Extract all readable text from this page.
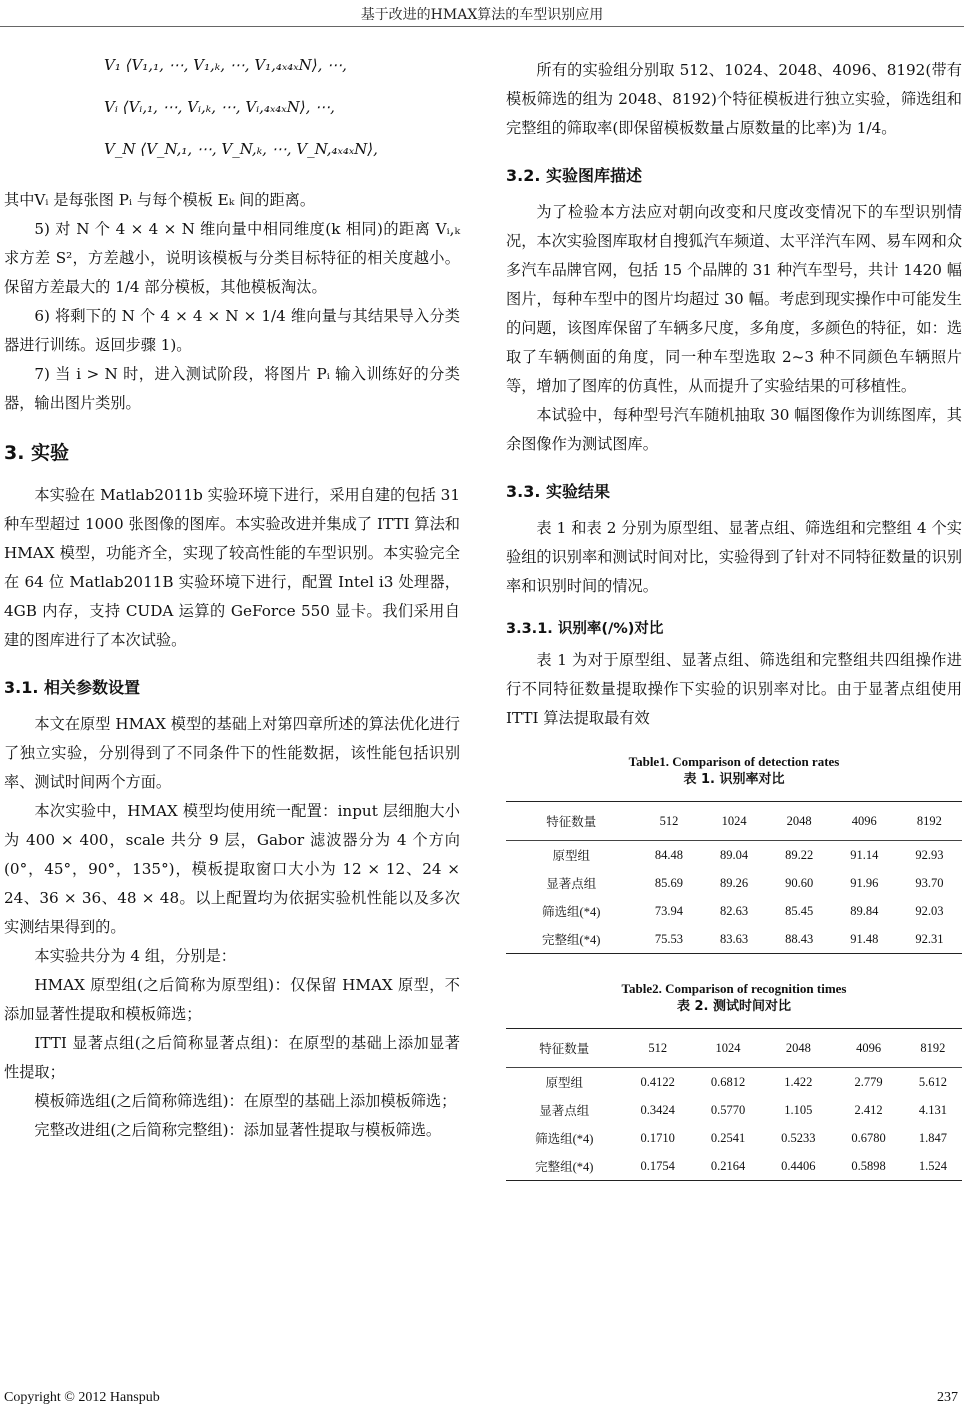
基于改进的HMAX算法的车型识别应用
V₁ ⟨V₁,₁, ⋯, V₁,ₖ, ⋯, V₁,₄ₓ₄ₓN⟩, ⋯,
Vᵢ ⟨Vᵢ,₁, ⋯, Vᵢ,ₖ, ⋯, Vᵢ,₄ₓ₄ₓN⟩, ⋯,
V_N ⟨V_N,₁, ⋯, V_N,ₖ, ⋯, V_N,₄ₓ₄ₓN⟩,

其中Vᵢ 是每张图 Pᵢ 与每个模板 Eₖ 间的距离。

5) 对 N 个 4 × 4 × N 维向量中相同维度(k 相同)的距离 Vᵢ,ₖ 求方差 S²，方差越小，说明该模板与分类目标特征的相关度越小。保留方差最大的 1/4 部分模板，其他模板淘汰。

6) 将剩下的 N 个 4 × 4 × N × 1/4 维向量与其结果导入分类器进行训练。返回步骤 1)。

7) 当 i > N 时，进入测试阶段，将图片 Pᵢ 输入训练好的分类器，输出图片类别。

3. 实验

本实验在 Matlab2011b 实验环境下进行，采用自建的包括 31 种车型超过 1000 张图像的图库。本实验改进并集成了 ITTI 算法和 HMAX 模型，功能齐全，实现了较高性能的车型识别。本实验完全在 64 位 Matlab2011B 实验环境下进行，配置 Intel i3 处理器，4GB 内存，支持 CUDA 运算的 GeForce 550 显卡。我们采用自建的图库进行了本次试验。

3.1. 相关参数设置

本文在原型 HMAX 模型的基础上对第四章所述的算法优化进行了独立实验，分别得到了不同条件下的性能数据，该性能包括识别率、测试时间两个方面。

本次实验中，HMAX 模型均使用统一配置：input 层细胞大小为 400 × 400，scale 共分 9 层，Gabor 滤波器分为 4 个方向(0°，45°，90°，135°)，模板提取窗口大小为 12 × 12、24 × 24、36 × 36、48 × 48。以上配置均为依据实验机性能以及多次实测结果得到的。

本实验共分为 4 组，分别是：

HMAX 原型组(之后简称为原型组)：仅保留 HMAX 原型，不添加显著性提取和模板筛选；

ITTI 显著点组(之后简称显著点组)：在原型的基础上添加显著性提取；

模板筛选组(之后简称筛选组)：在原型的基础上添加模板筛选；

完整改进组(之后简称完整组)：添加显著性提取与模板筛选。

所有的实验组分别取 512、1024、2048、4096、8192(带有模板筛选的组为 2048、8192)个特征模板进行独立实验，筛选组和完整组的筛取率(即保留模板数量占原数量的比率)为 1/4。

3.2. 实验图库描述

为了检验本方法应对朝向改变和尺度改变情况下的车型识别情况，本次实验图库取材自搜狐汽车频道、太平洋汽车网、易车网和众多汽车品牌官网，包括 15 个品牌的 31 种汽车型号，共计 1420 幅图片，每种车型中的图片均超过 30 幅。考虑到现实操作中可能发生的问题，该图库保留了车辆多尺度，多角度，多颜色的特征，如：选取了车辆侧面的角度，同一种车型选取 2~3 种不同颜色车辆照片等，增加了图库的仿真性，从而提升了实验结果的可移植性。

本试验中，每种型号汽车随机抽取 30 幅图像作为训练图库，其余图像作为测试图库。

3.3. 实验结果

表 1 和表 2 分别为原型组、显著点组、筛选组和完整组 4 个实验组的识别率和测试时间对比，实验得到了针对不同特征数量的识别率和识别时间的情况。

3.3.1. 识别率(/%)对比

表 1 为对于原型组、显著点组、筛选组和完整组共四组操作进行不同特征数量提取操作下实验的识别率对比。由于显著点组使用 ITTI 算法提取最有效

Table1. Comparison of detection rates
表 1. 识别率对比
特征数量	512	1024	2048	4096	8192
原型组	84.48	89.04	89.22	91.14	92.93
显著点组	85.69	89.26	90.60	91.96	93.70
筛选组(*4)	73.94	82.63	85.45	89.84	92.03
完整组(*4)	75.53	83.63	88.43	91.48	92.31
Table2. Comparison of recognition times
表 2. 测试时间对比
特征数量	512	1024	2048	4096	8192
原型组	0.4122	0.6812	1.422	2.779	5.612
显著点组	0.3424	0.5770	1.105	2.412	4.131
筛选组(*4)	0.1710	0.2541	0.5233	0.6780	1.847
完整组(*4)	0.1754	0.2164	0.4406	0.5898	1.524
Copyright © 2012 Hanspub	237
